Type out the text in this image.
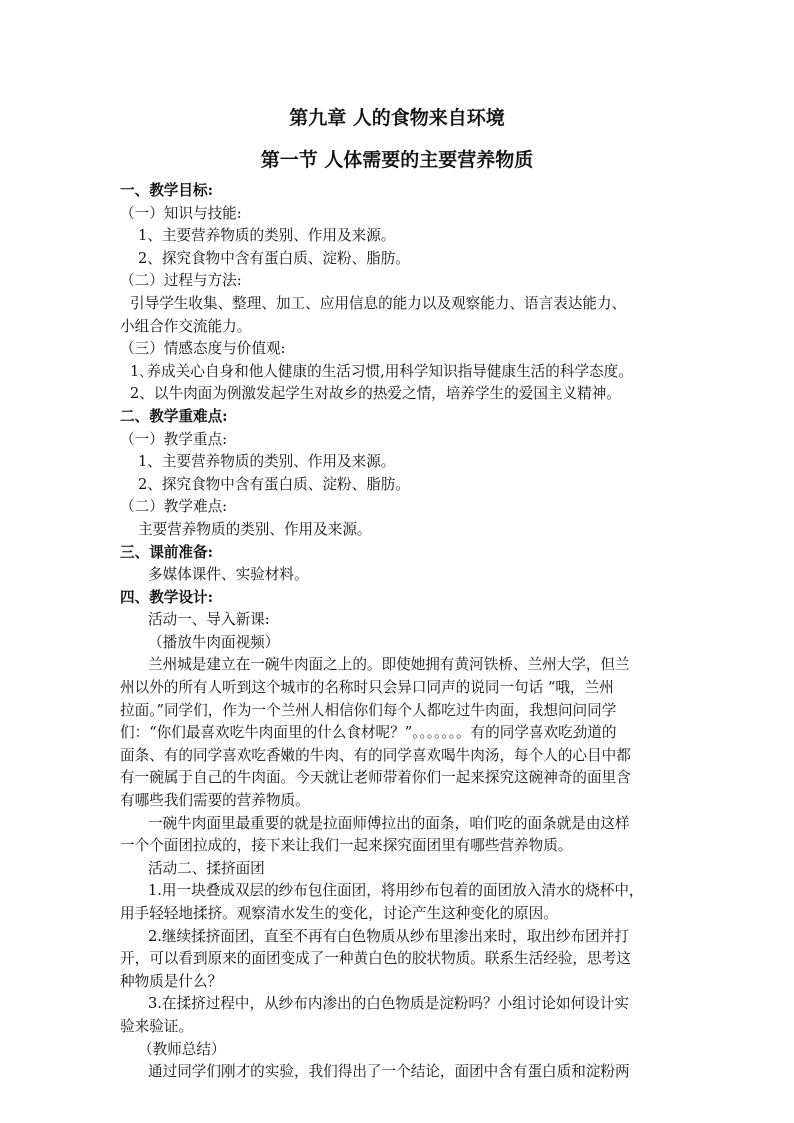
第九章 人的食物来自环境
第一节 人体需要的主要营养物质
一、教学目标:
（一）知识与技能:
1、主要营养物质的类别、作用及来源。
2、探究食物中含有蛋白质、淀粉、脂肪。
（二）过程与方法:
引导学生收集、整理、加工、应用信息的能力以及观察能力、语言表达能力、
小组合作交流能力。
（三）情感态度与价值观:
1､养成关心自身和他人健康的生活习惯,用科学知识指导健康生活的科学态度。
2、以牛肉面为例激发起学生对故乡的热爱之情，培养学生的爱国主义精神。
二、教学重难点:
（一）教学重点:
1、主要营养物质的类别、作用及来源。
2、探究食物中含有蛋白质、淀粉、脂肪。
（二）教学难点:
主要营养物质的类别、作用及来源。
三、课前准备:
多媒体课件、实验材料。
四、教学设计:
活动一、导入新课:
（播放牛肉面视频）
兰州城是建立在一碗牛肉面之上的。即使她拥有黄河铁桥、兰州大学，但兰
州以外的所有人听到这个城市的名称时只会异口同声的说同一句话 “哦，兰州
拉面。”同学们，作为一个兰州人相信你们每个人都吃过牛肉面，我想问问同学
们：“你们最喜欢吃牛肉面里的什么食材呢？”。。。。。。。有的同学喜欢吃劲道的
面条、有的同学喜欢吃香嫩的牛肉、有的同学喜欢喝牛肉汤，每个人的心目中都
有一碗属于自己的牛肉面。今天就让老师带着你们一起来探究这碗神奇的面里含
有哪些我们需要的营养物质。
一碗牛肉面里最重要的就是拉面师傅拉出的面条，咱们吃的面条就是由这样
一个个面团拉成的，接下来让我们一起来探究面团里有哪些营养物质。
活动二、揉挤面团
1.用一块叠成双层的纱布包住面团，将用纱布包着的面团放入清水的烧杯中，
用手轻轻地揉挤。观察清水发生的变化，讨论产生这种变化的原因。
2.继续揉挤面团，直至不再有白色物质从纱布里渗出来时，取出纱布团并打
开，可以看到原来的面团变成了一种黄白色的胶状物质。联系生活经验，思考这
种物质是什么？
3.在揉挤过程中，从纱布内渗出的白色物质是淀粉吗？小组讨论如何设计实
验来验证。
（教师总结）
通过同学们刚才的实验，我们得出了一个结论，面团中含有蛋白质和淀粉两
